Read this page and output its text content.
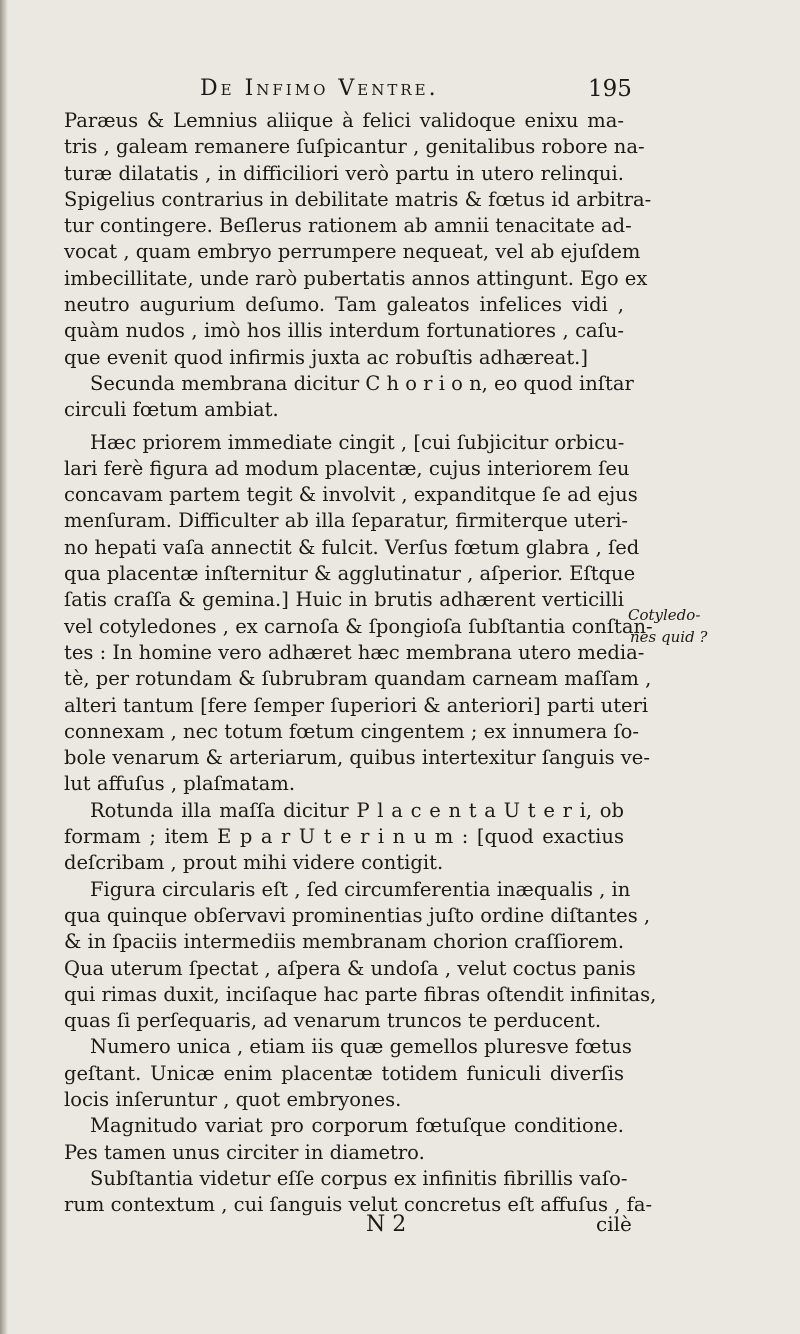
De Infimo Ventre.	195
Paræus & Lemnius aliique à felici validoque enixu ma-
tris , galeam remanere ſuſpicantur , genitalibus robore na-
turæ dilatatis , in difficiliori verò partu in utero relinqui.
Spigelius contrarius in debilitate matris & fœtus id arbitra-
tur contingere. Beſlerus rationem ab amnii tenacitate ad-
vocat , quam embryo perrumpere nequeat, vel ab ejuſdem
imbecillitate, unde rarò pubertatis annos attingunt. Ego ex
neutro augurium deſumo. Tam galeatos infelices vidi ,
quàm nudos , imò hos illis interdum fortunatiores , caſu-
que evenit quod infirmis juxta ac robuſtis adhæreat.]
Secunda membrana dicitur C h o r i o n, eo quod inſtar
circuli fœtum ambiat.
Hæc priorem immediate cingit , [cui ſubjicitur orbicu-
lari ferè figura ad modum placentæ, cujus interiorem ſeu
concavam partem tegit & involvit , expanditque ſe ad ejus
menſuram. Difficulter ab illa ſeparatur, firmiterque uteri-
no hepati vaſa annectit & fulcit. Verſus fœtum glabra , ſed
qua placentæ inſternitur & agglutinatur , aſperior. Eſtque
ſatis craſſa & gemina.] Huic in brutis adhærent verticilli
vel cotyledones , ex carnoſa & ſpongioſa ſubſtantia conſtan-
tes : In homine vero adhæret hæc membrana utero media-
tè, per rotundam & ſubrubram quandam carneam maſſam ,
alteri tantum [fere ſemper ſuperiori & anteriori] parti uteri
connexam , nec totum fœtum cingentem ; ex innumera ſo-
bole venarum & arteriarum, quibus intertexitur ſanguis ve-
lut affuſus , plaſmatam.
Rotunda illa maſſa dicitur P l a c e n t a U t e r i, ob
formam ; item E p a r U t e r i n u m : [quod exactius
deſcribam , prout mihi videre contigit.
Figura circularis eſt , ſed circumferentia inæqualis , in
qua quinque obſervavi prominentias juſto ordine diſtantes ,
& in ſpaciis intermediis membranam chorion craſſiorem.
Qua uterum ſpectat , aſpera & undoſa , velut coctus panis
qui rimas duxit, inciſaque hac parte fibras oſtendit infinitas,
quas ſi perſequaris, ad venarum truncos te perducent.
Numero unica , etiam iis quæ gemellos pluresve fœtus
geſtant. Unicæ enim placentæ totidem funiculi diverſis
locis inſeruntur , quot embryones.
Magnitudo variat pro corporum fœtuſque conditione.
Pes tamen unus circiter in diametro.
Subſtantia videtur eſſe corpus ex infinitis fibrillis vaſo-
rum contextum , cui ſanguis velut concretus eſt affuſus , fa-
Cotyledo-
nes quid ?
N 2	cilè
